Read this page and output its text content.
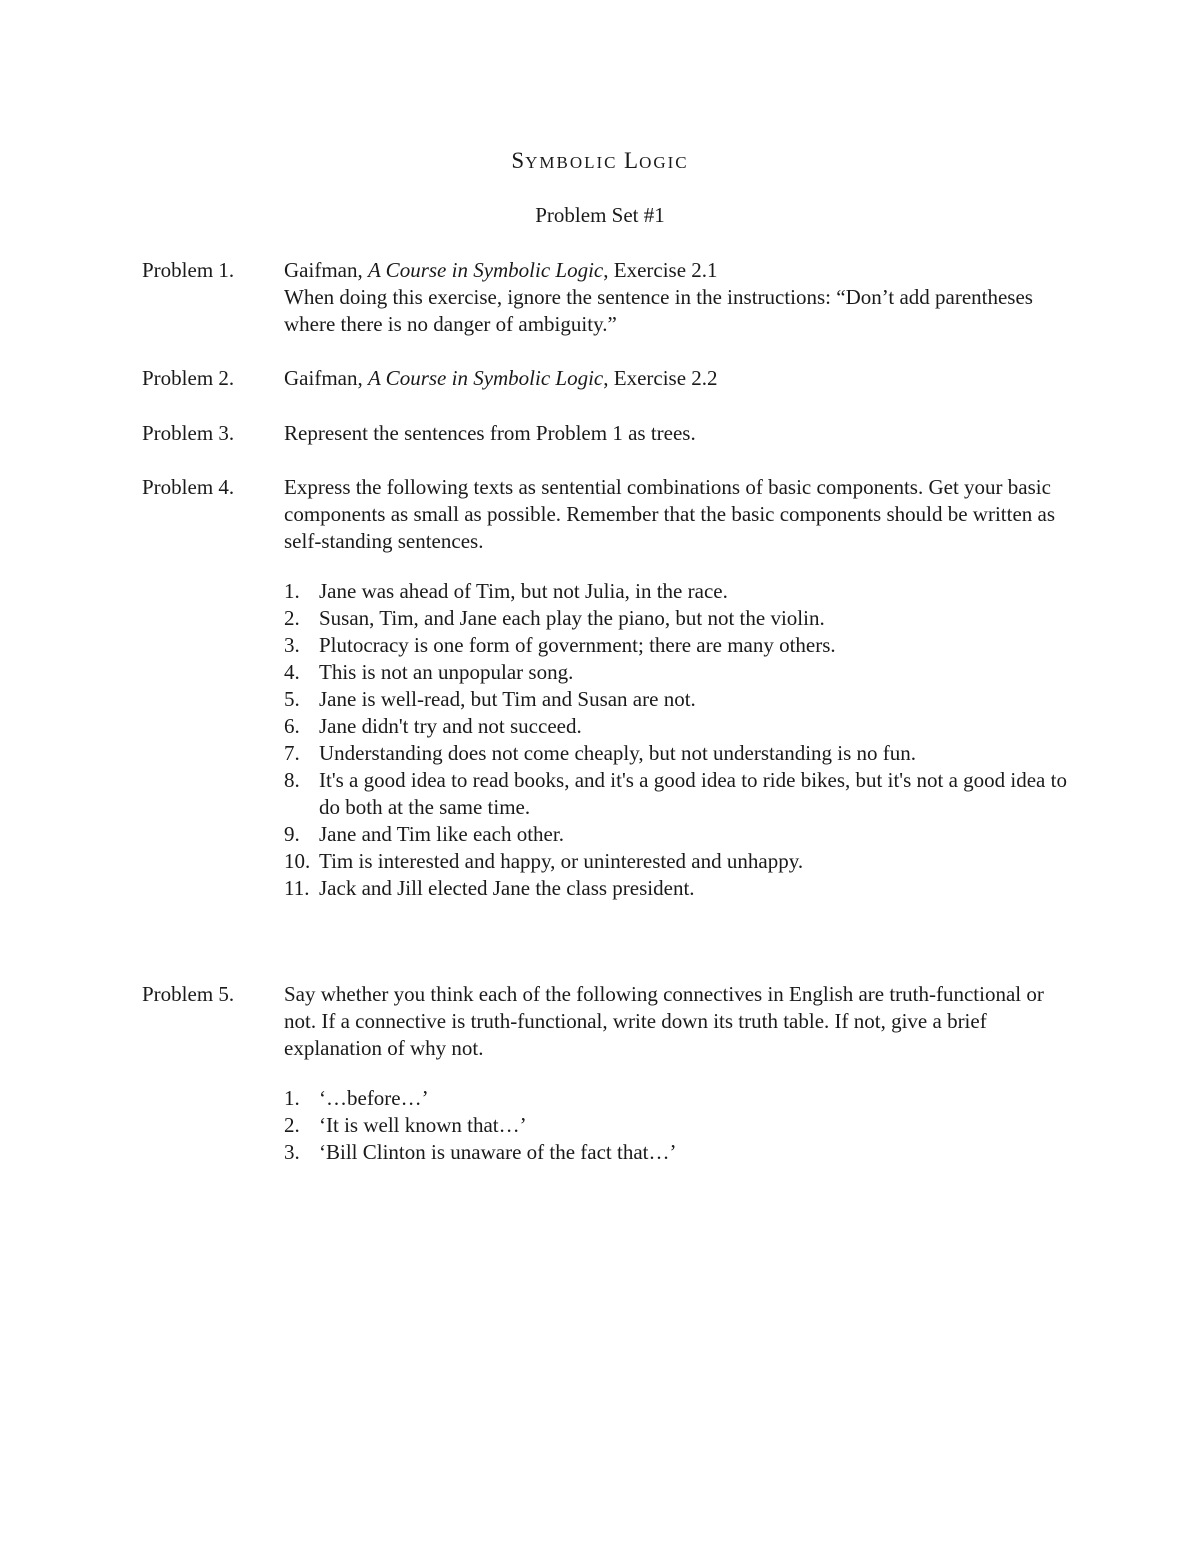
SYMBOLIC LOGIC
Problem Set #1
Problem 1.	Gaifman, A Course in Symbolic Logic, Exercise 2.1

When doing this exercise, ignore the sentence in the instructions: “Don’t add parentheses where there is no danger of ambiguity.”

Problem 2.	Gaifman, A Course in Symbolic Logic, Exercise 2.2

Problem 3.	Represent the sentences from Problem 1 as trees.

Problem 4.	Express the following texts as sentential combinations of basic components. Get your basic components as small as possible. Remember that the basic components should be written as self-standing sentences.

1. Jane was ahead of Tim, but not Julia, in the race.
2. Susan, Tim, and Jane each play the piano, but not the violin.
3. Plutocracy is one form of government; there are many others.
4. This is not an unpopular song.
5. Jane is well-read, but Tim and Susan are not.
6. Jane didn't try and not succeed.
7. Understanding does not come cheaply, but not understanding is no fun.
8. It's a good idea to read books, and it's a good idea to ride bikes, but it's not a good idea to do both at the same time.
9. Jane and Tim like each other.
10. Tim is interested and happy, or uninterested and unhappy.
11. Jack and Jill elected Jane the class president.
Problem 5.	Say whether you think each of the following connectives in English are truth-functional or not. If a connective is truth-functional, write down its truth table. If not, give a brief explanation of why not.

1. ‘…before…’
2. ‘It is well known that…’
3. ‘Bill Clinton is unaware of the fact that…’
